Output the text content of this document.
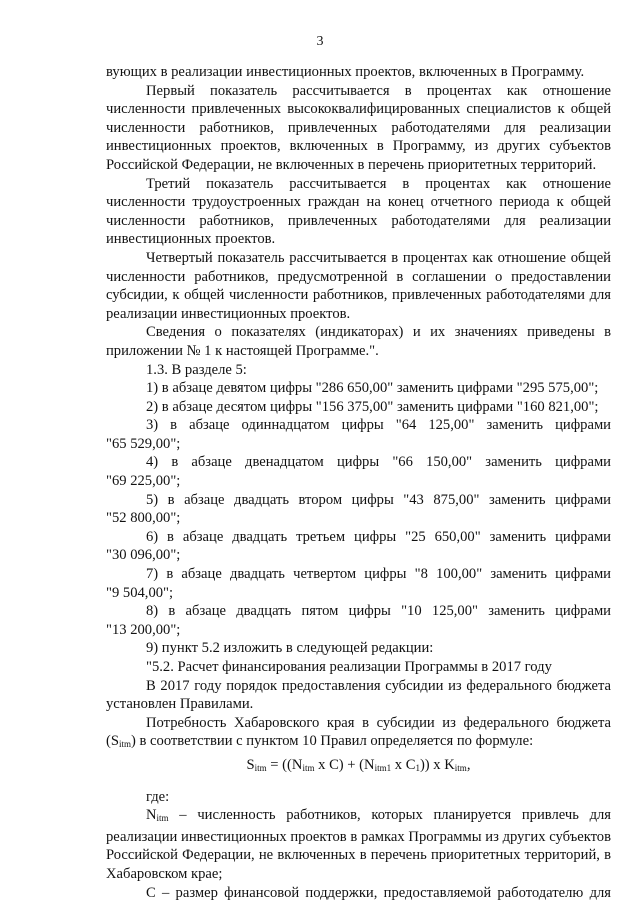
3

вующих в реализации инвестиционных проектов, включенных в Программу.

Первый показатель рассчитывается в процентах как отношение численности привлеченных высококвалифицированных специалистов к общей численности работников, привлеченных работодателями для реализации инвестиционных проектов, включенных в Программу, из других субъектов Российской Федерации, не включенных в перечень приоритетных территорий.

Третий показатель рассчитывается в процентах как отношение численности трудоустроенных граждан на конец отчетного периода к общей численности работников, привлеченных работодателями для реализации инвестиционных проектов.

Четвертый показатель рассчитывается в процентах как отношение общей численности работников, предусмотренной в соглашении о предоставлении субсидии, к общей численности работников, привлеченных работодателями для реализации инвестиционных проектов.

Сведения о показателях (индикаторах) и их значениях приведены в приложении № 1 к настоящей Программе.".

1.3. В разделе 5:

1) в абзаце девятом цифры "286 650,00" заменить цифрами "295 575,00";

2) в абзаце десятом цифры "156 375,00" заменить цифрами "160 821,00";

3) в абзаце одиннадцатом цифры "64 125,00" заменить цифрами

"65 529,00";

4) в абзаце двенадцатом цифры "66 150,00" заменить цифрами

"69 225,00";

5) в абзаце двадцать втором цифры "43 875,00" заменить цифрами

"52 800,00";

6) в абзаце двадцать третьем цифры "25 650,00" заменить цифрами

"30 096,00";

7) в абзаце двадцать четвертом цифры "8 100,00" заменить цифрами

"9 504,00";

8) в абзаце двадцать пятом цифры "10 125,00" заменить цифрами

"13 200,00";

9) пункт 5.2 изложить в следующей редакции:

"5.2. Расчет финансирования реализации Программы в 2017 году

В 2017 году порядок предоставления субсидии из федерального бюджета установлен Правилами.

Потребность Хабаровского края в субсидии из федерального бюджета (Sitm) в соответствии с пунктом 10 Правил определяется по формуле:

$S_{itm} = ((N_{itm}$ x $C) + (N_{itm1}$ x $C_1$)) x $K_{itm}$,

где:

Nitm – численность работников, которых планируется привлечь для реализации инвестиционных проектов в рамках Программы из других субъектов Российской Федерации, не включенных в перечень приоритетных территорий, в Хабаровском крае;

С – размер финансовой поддержки, предоставляемой работодателю для
